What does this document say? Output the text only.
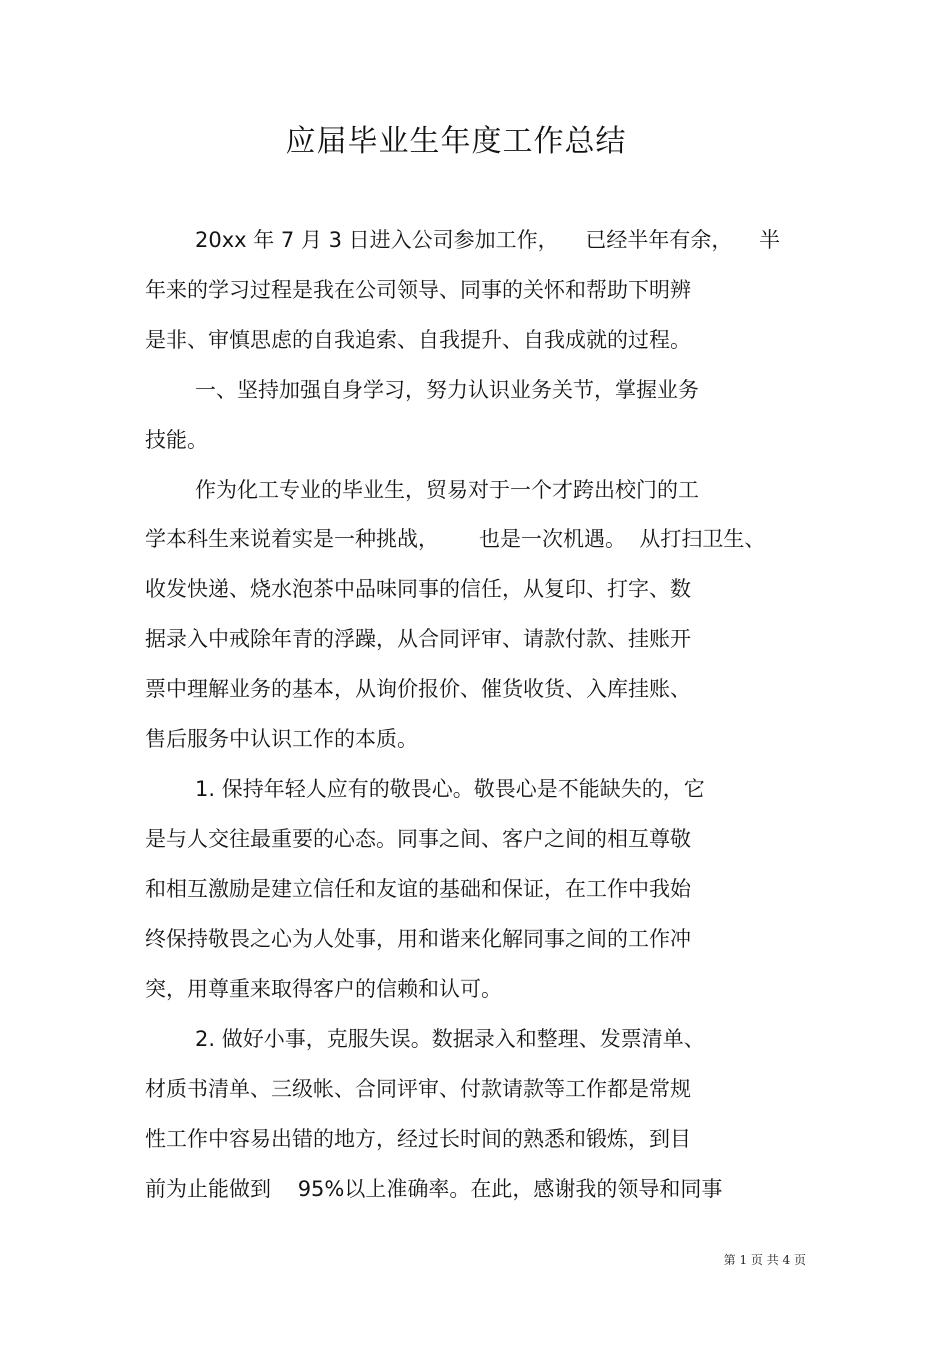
应届毕业生年度工作总结
20xx 年 7 月 3 日进入公司参加工作，    已经半年有余，    半
年来的学习过程是我在公司领导、同事的关怀和帮助下明辨
是非、审慎思虑的自我追索、自我提升、自我成就的过程。
一、坚持加强自身学习，努力认识业务关节，掌握业务
技能。
作为化工专业的毕业生，贸易对于一个才跨出校门的工
学本科生来说着实是一种挑战，      也是一次机遇。  从打扫卫生、
收发快递、烧水泡茶中品味同事的信任，从复印、打字、数
据录入中戒除年青的浮躁，从合同评审、请款付款、挂账开
票中理解业务的基本，从询价报价、催货收货、入库挂账、
售后服务中认识工作的本质。
1. 保持年轻人应有的敬畏心。敬畏心是不能缺失的，它
是与人交往最重要的心态。同事之间、客户之间的相互尊敬
和相互激励是建立信任和友谊的基础和保证，在工作中我始
终保持敬畏之心为人处事，用和谐来化解同事之间的工作冲
突，用尊重来取得客户的信赖和认可。
2. 做好小事，克服失误。数据录入和整理、发票清单、
材质书清单、三级帐、合同评审、付款请款等工作都是常规
性工作中容易出错的地方，经过长时间的熟悉和锻炼，到目
前为止能做到    95%以上准确率。在此，感谢我的领导和同事
第 1 页 共 4 页
